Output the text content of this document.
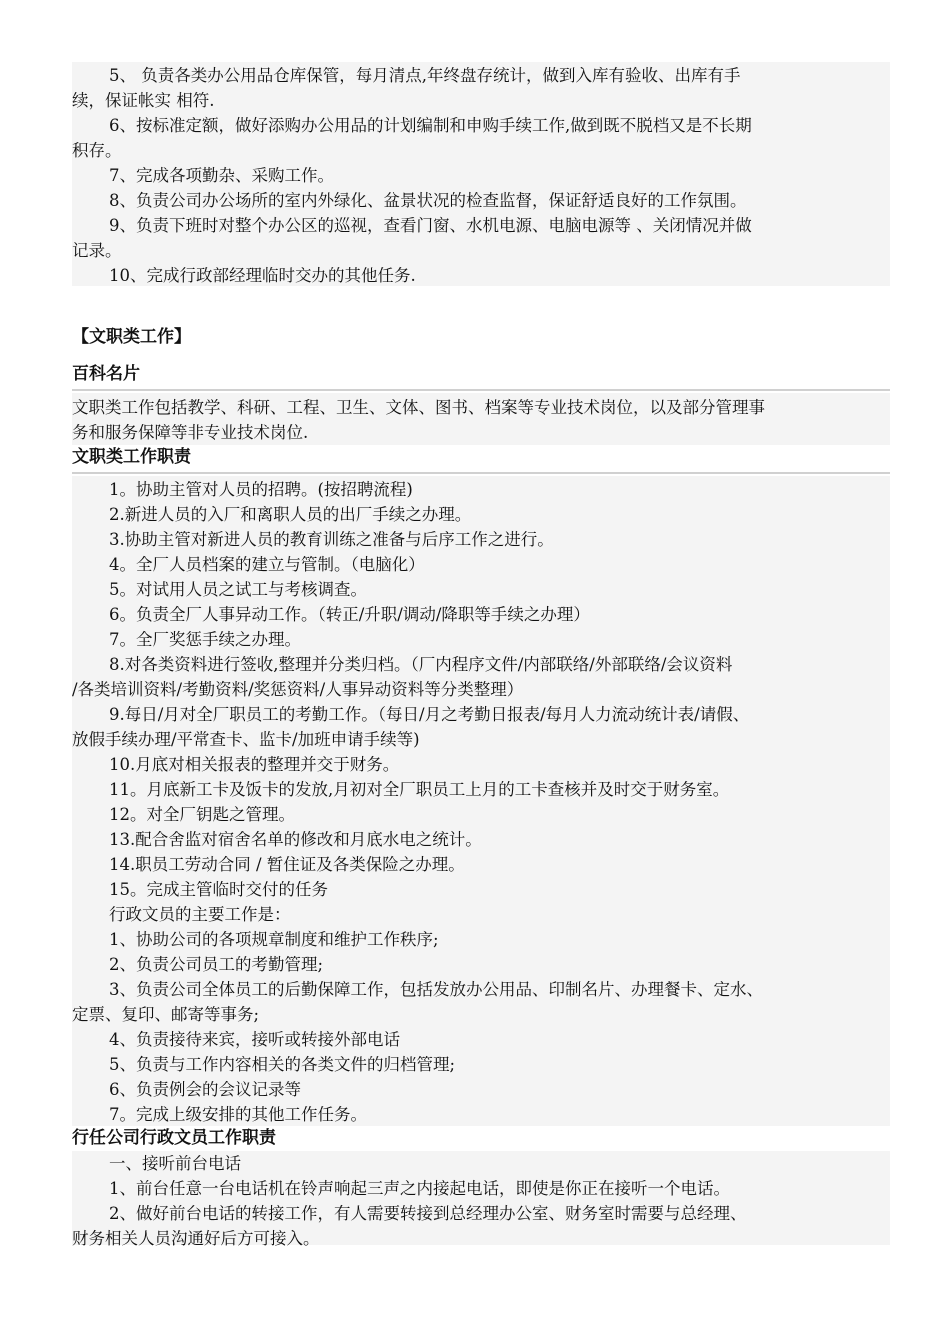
5、 负责各类办公用品仓库保管，每月清点,年终盘存统计，做到入库有验收、出库有手
续，保证帐实 相符.
6、按标准定额，做好添购办公用品的计划编制和申购手续工作,做到既不脱档又是不长期
积存。
7、完成各项勤杂、采购工作。
8、负责公司办公场所的室内外绿化、盆景状况的检查监督，保证舒适良好的工作氛围。
9、负责下班时对整个办公区的巡视，查看门窗、水机电源、电脑电源等 、关闭情况并做
记录。
10、完成行政部经理临时交办的其他任务.
【文职类工作】
百科名片
文职类工作包括教学、科研、工程、卫生、文体、图书、档案等专业技术岗位，以及部分管理事
务和服务保障等非专业技术岗位.
文职类工作职责
1。协助主管对人员的招聘。(按招聘流程)
2.新进人员的入厂和离职人员的出厂手续之办理。
3.协助主管对新进人员的教育训练之准备与后序工作之进行。
4。全厂人员档案的建立与管制。（电脑化）
5。对试用人员之试工与考核调查。
6。负责全厂人事异动工作。（转正/升职/调动/降职等手续之办理）
7。全厂奖惩手续之办理。
8.对各类资料进行签收,整理并分类归档。（厂内程序文件/内部联络/外部联络/会议资料
/各类培训资料/考勤资料/奖惩资料/人事异动资料等分类整理）
9.每日/月对全厂职员工的考勤工作。（每日/月之考勤日报表/每月人力流动统计表/请假、
放假手续办理/平常查卡、监卡/加班申请手续等)
10.月底对相关报表的整理并交于财务。
11。月底新工卡及饭卡的发放,月初对全厂职员工上月的工卡查核并及时交于财务室。
12。对全厂钥匙之管理。
13.配合舍监对宿舍名单的修改和月底水电之统计。
14.职员工劳动合同 / 暂住证及各类保险之办理。
15。完成主管临时交付的任务
行政文员的主要工作是：
1、协助公司的各项规章制度和维护工作秩序;
2、负责公司员工的考勤管理;
3、负责公司全体员工的后勤保障工作，包括发放办公用品、印制名片、办理餐卡、定水、
定票、复印、邮寄等事务;
4、负责接待来宾，接听或转接外部电话
5、负责与工作内容相关的各类文件的归档管理;
6、负责例会的会议记录等
7。完成上级安排的其他工作任务。
行任公司行政文员工作职责
一、接听前台电话
1、前台任意一台电话机在铃声响起三声之内接起电话，即使是你正在接听一个电话。
2、做好前台电话的转接工作，有人需要转接到总经理办公室、财务室时需要与总经理、
财务相关人员沟通好后方可接入。
